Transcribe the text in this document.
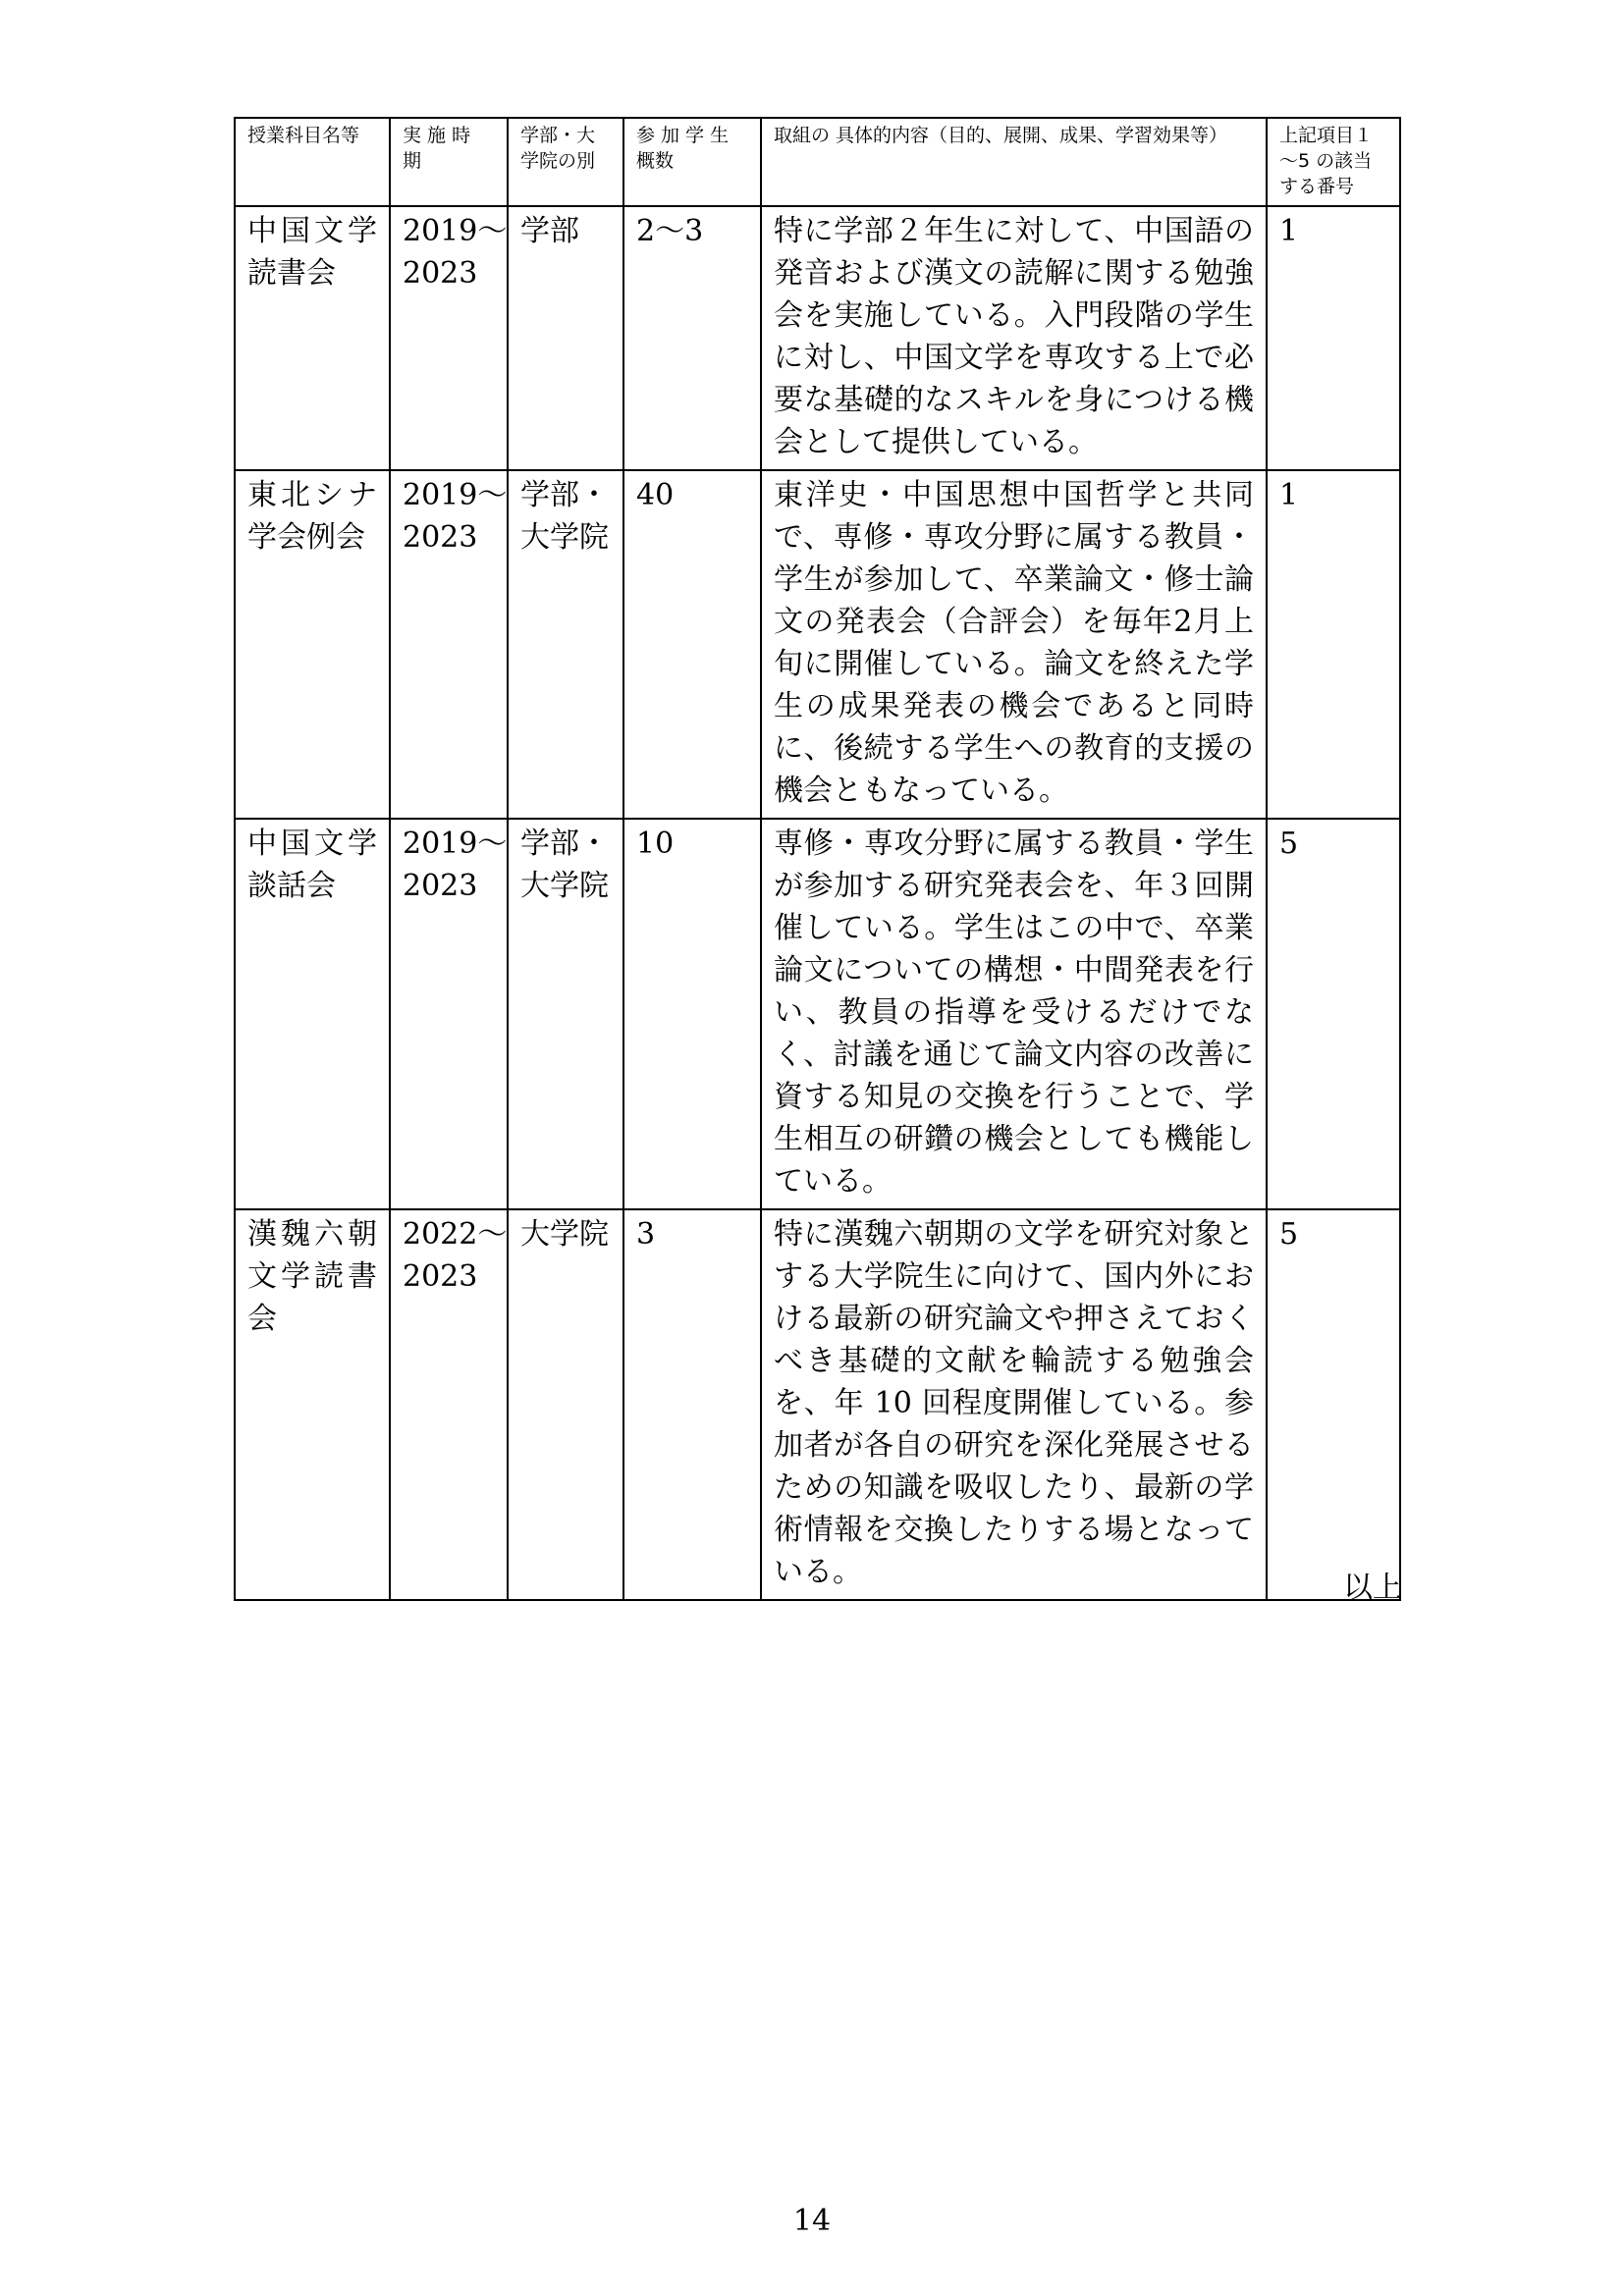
授業科目名等	実 施 時 期	学部・大学院の別	参 加 学 生 概数	取組の 具体的内容（目的、展開、成果、学習効果等）	上記項目１～5 の該当する番号
中国文学読書会	2019〜2023	学部	2〜3	特に学部２年生に対して、中国語の発音および漢文の読解に関する勉強会を実施している。入門段階の学生に対し、中国文学を専攻する上で必要な基礎的なスキルを身につける機会として提供している。	1
東北シナ学会例会	2019〜2023	学部・大学院	40	東洋史・中国思想中国哲学と共同で、専修・専攻分野に属する教員・学生が参加して、卒業論文・修士論文の発表会（合評会）を毎年2月上旬に開催している。論文を終えた学生の成果発表の機会であると同時に、後続する学生への教育的支援の機会ともなっている。	1
中国文学談話会	2019〜2023	学部・大学院	10	専修・専攻分野に属する教員・学生が参加する研究発表会を、年３回開催している。学生はこの中で、卒業論文についての構想・中間発表を行い、教員の指導を受けるだけでなく、討議を通じて論文内容の改善に資する知見の交換を行うことで、学生相互の研鑽の機会としても機能している。	5
漢魏六朝文学読書会	2022〜2023	大学院	3	特に漢魏六朝期の文学を研究対象とする大学院生に向けて、国内外における最新の研究論文や押さえておくべき基礎的文献を輪読する勉強会を、年 10 回程度開催している。参加者が各自の研究を深化発展させるための知識を吸収したり、最新の学術情報を交換したりする場となっている。	5
以上
14
